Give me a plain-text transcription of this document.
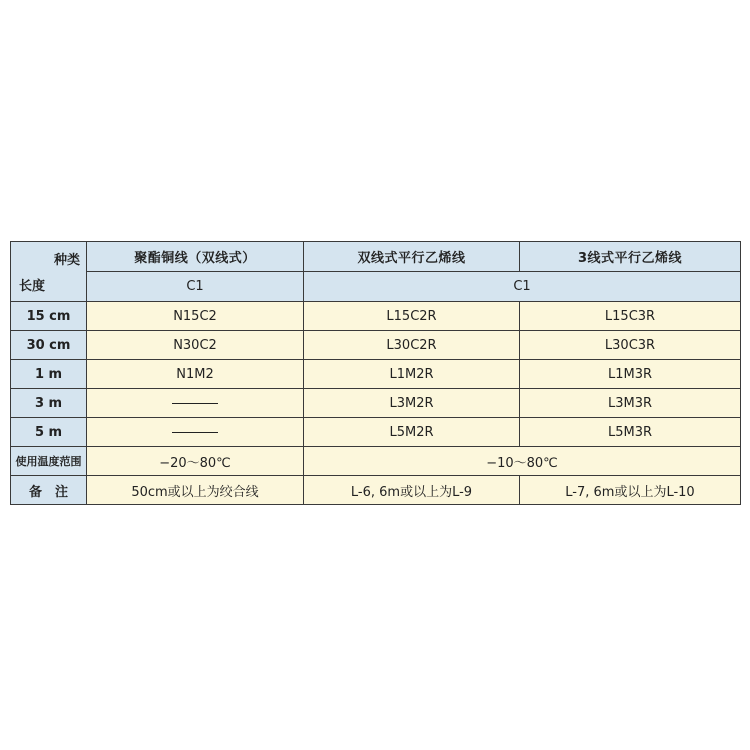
种类
长度	聚酯铜线（双线式）	双线式平行乙烯线	3线式平行乙烯线
	C1	C1	
15 cm	N15C2	L15C2R	L15C3R
30 cm	N30C2	L30C2R	L30C3R
1 m	N1M2	L1M2R	L1M3R
3 m		L3M2R	L3M3R
5 m		L5M2R	L5M3R
使用温度范围	−20～80℃	−10～80℃	
备　注	50cm或以上为绞合线	L-6, 6m或以上为L-9	L-7, 6m或以上为L-10
